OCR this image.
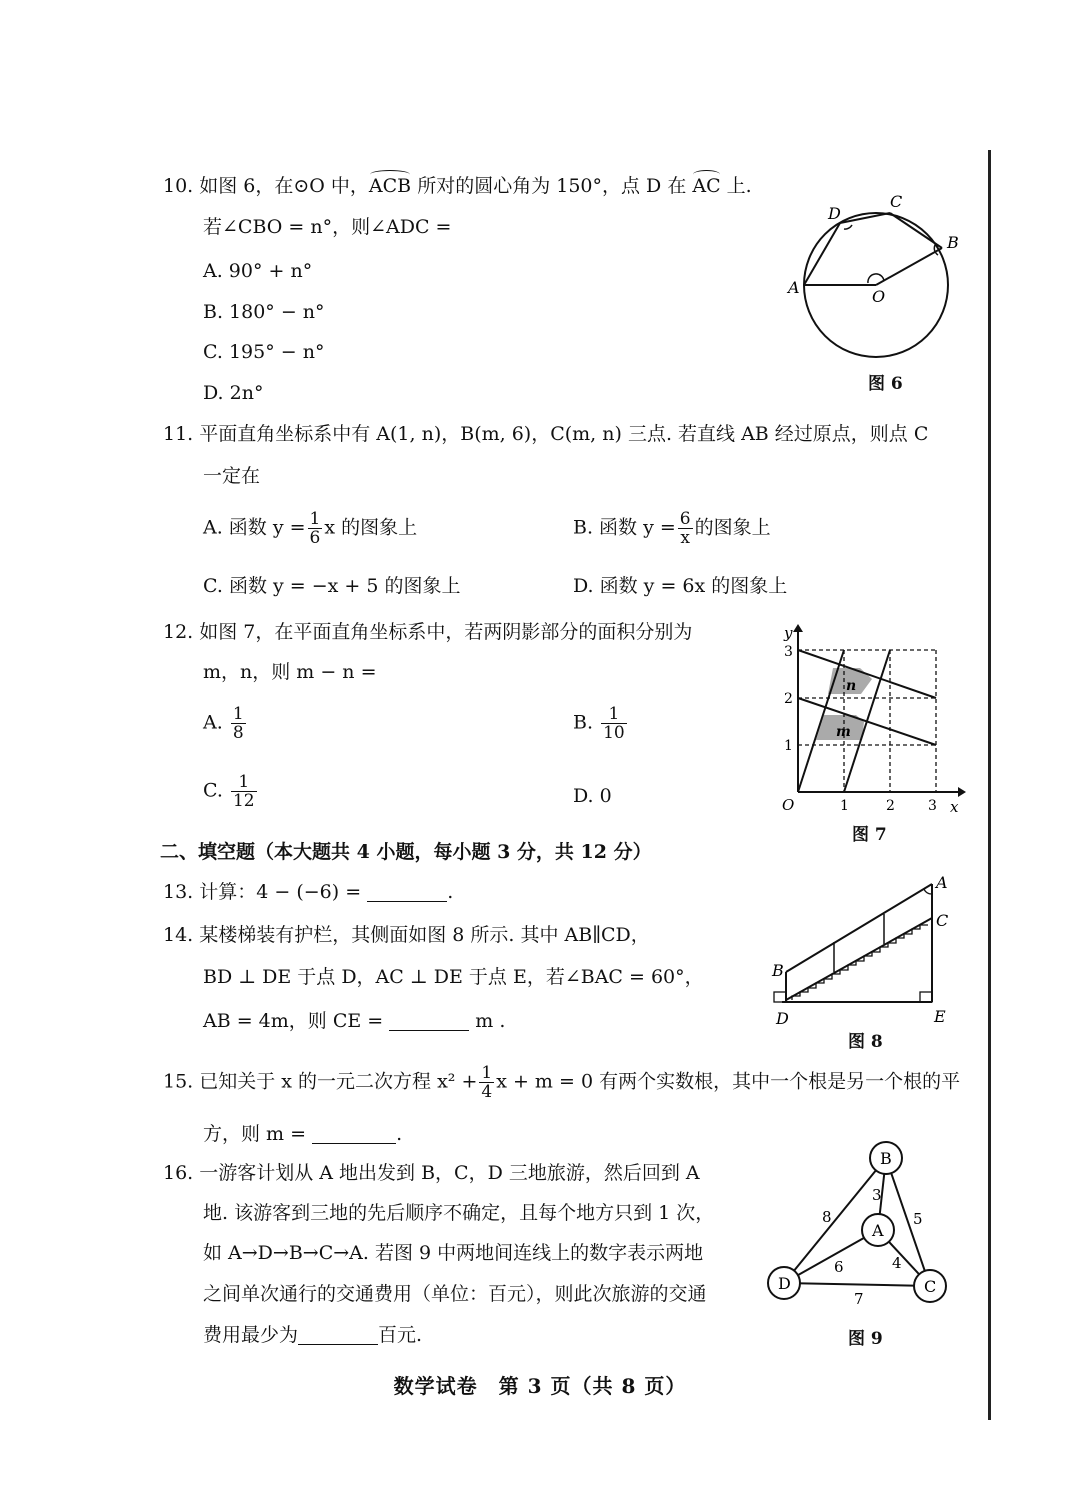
10. 如图 6，在⊙O 中，ACB 所对的圆心角为 150°，点 D 在 AC 上.
若∠CBO = n°，则∠ADC =
A. 90° + n°
B. 180° − n°
C. 195° − n°
D. 2n°
D
C
B
A	O
图 6
11. 平面直角坐标系中有 A(1, n)，B(m, 6)，C(m, n) 三点. 若直线 AB 经过原点，则点 C
一定在
A. 函数 $y = \frac{1}{6}$ x 的图象上	B. 函数 $y = \frac{6}{x}$ 的图象上
C. 函数 y = −x + 5 的图象上	D. 函数 y = 6x 的图象上
12. 如图 7，在平面直角坐标系中，若两阴影部分的面积分别为
m，n，则 m − n =
A. $\frac{1}{8}$	B. $\frac{1}{10}$
C. $\frac{1}{12}$	D. 0
y
x
O	1	2 3
1
2
3
n
m
图 7
二、填空题（本大题共 4 小题，每小题 3 分，共 12 分）
13. 计算：4 − (−6) =	.
14. 某楼梯装有护栏，其侧面如图 8 所示. 其中 AB∥CD，
BD ⊥ DE 于点 D，AC ⊥ DE 于点 E，若∠BAC = 60°，
AB = 4m，则 CE =	m .
A
C
B
D	E
图 8
15. 已知关于 x 的一元二次方程 $x^2 + \frac{1}{4}$ x + m = 0 有两个实数根，其中一个根是另一个根的平
方，则 m =	.
16. 一游客计划从 A 地出发到 B，C，D 三地旅游，然后回到 A
地. 该游客到三地的先后顺序不确定，且每个地方只到 1 次，
如 A→D→B→C→A. 若图 9 中两地间连线上的数字表示两地
之间单次通行的交通费用（单位：百元），则此次旅游的交通
费用最少为	百元.
B
A
D	C
3
8	5
6	4
7
图 9
数学试卷　第 3 页（共 8 页）
